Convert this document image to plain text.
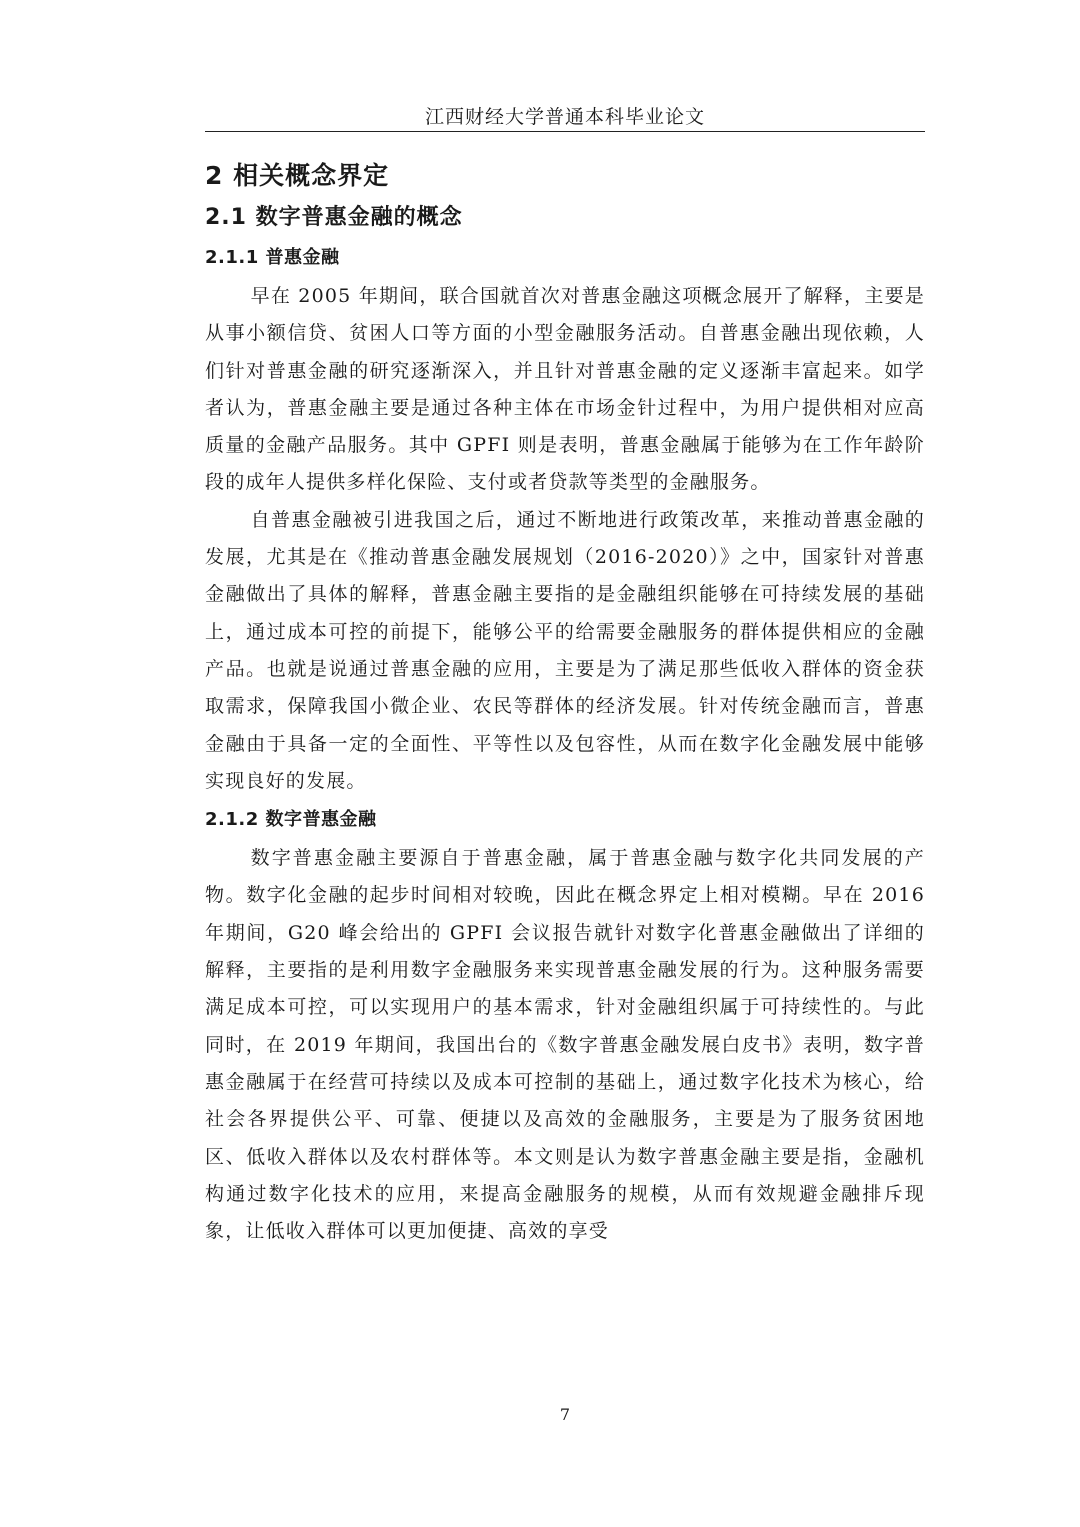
江西财经大学普通本科毕业论文
2 相关概念界定
2.1 数字普惠金融的概念
2.1.1 普惠金融

早在 2005 年期间，联合国就首次对普惠金融这项概念展开了解释，主要是从事小额信贷、贫困人口等方面的小型金融服务活动。自普惠金融出现依赖，人们针对普惠金融的研究逐渐深入，并且针对普惠金融的定义逐渐丰富起来。如学者认为，普惠金融主要是通过各种主体在市场金针过程中，为用户提供相对应高质量的金融产品服务。其中 GPFI 则是表明，普惠金融属于能够为在工作年龄阶段的成年人提供多样化保险、支付或者贷款等类型的金融服务。

自普惠金融被引进我国之后，通过不断地进行政策改革，来推动普惠金融的发展，尤其是在《推动普惠金融发展规划（2016-2020）》之中，国家针对普惠金融做出了具体的解释，普惠金融主要指的是金融组织能够在可持续发展的基础上，通过成本可控的前提下，能够公平的给需要金融服务的群体提供相应的金融产品。也就是说通过普惠金融的应用，主要是为了满足那些低收入群体的资金获取需求，保障我国小微企业、农民等群体的经济发展。针对传统金融而言，普惠金融由于具备一定的全面性、平等性以及包容性，从而在数字化金融发展中能够实现良好的发展。

2.1.2 数字普惠金融

数字普惠金融主要源自于普惠金融，属于普惠金融与数字化共同发展的产物。数字化金融的起步时间相对较晚，因此在概念界定上相对模糊。早在 2016 年期间，G20 峰会给出的 GPFI 会议报告就针对数字化普惠金融做出了详细的解释，主要指的是利用数字金融服务来实现普惠金融发展的行为。这种服务需要满足成本可控，可以实现用户的基本需求，针对金融组织属于可持续性的。与此同时，在 2019 年期间，我国出台的《数字普惠金融发展白皮书》表明，数字普惠金融属于在经营可持续以及成本可控制的基础上，通过数字化技术为核心，给社会各界提供公平、可靠、便捷以及高效的金融服务，主要是为了服务贫困地区、低收入群体以及农村群体等。本文则是认为数字普惠金融主要是指，金融机构通过数字化技术的应用，来提高金融服务的规模，从而有效规避金融排斥现象，让低收入群体可以更加便捷、高效的享受

7
